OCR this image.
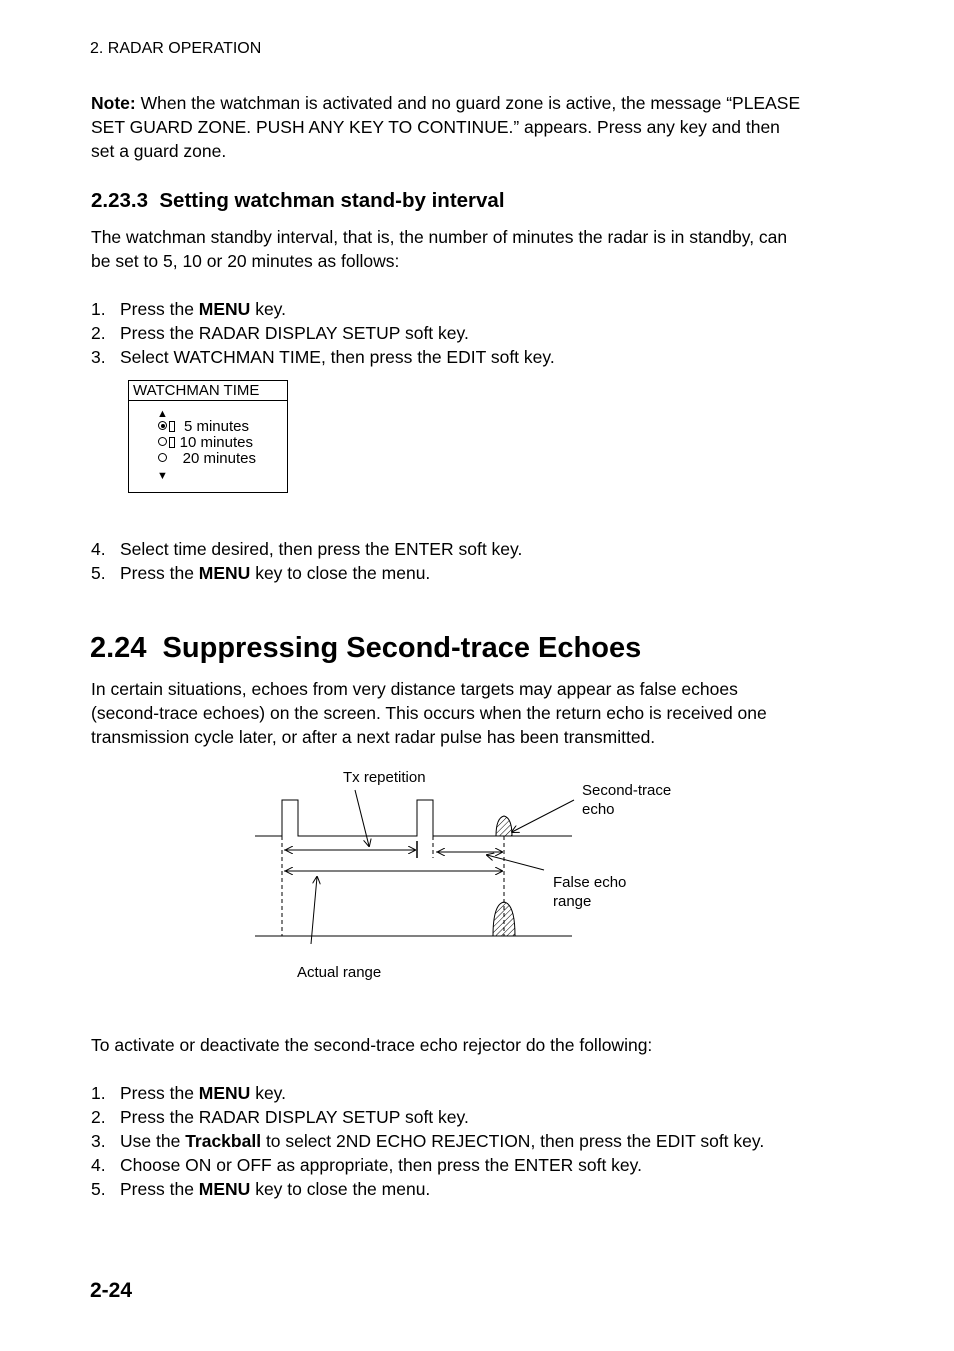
2. RADAR OPERATION
Note: When the watchman is activated and no guard zone is active, the message “PLEASE
SET GUARD ZONE. PUSH ANY KEY TO CONTINUE.” appears. Press any key and then
set a guard zone.
2.23.3  Setting watchman stand-by interval
The watchman standby interval, that is, the number of minutes the radar is in standby, can
be set to 5, 10 or 20 minutes as follows:
1. Press the MENU key.
2. Press the RADAR DISPLAY SETUP soft key.
3. Select WATCHMAN TIME, then press the EDIT soft key.
WATCHMAN TIME
▲
5 minutes
10 minutes
20 minutes
▼
4. Select time desired, then press the ENTER soft key.
5. Press the MENU key to close the menu.
2.24  Suppressing Second-trace Echoes
In certain situations, echoes from very distance targets may appear as false echoes
(second-trace echoes) on the screen. This occurs when the return echo is received one
transmission cycle later, or after a next radar pulse has been transmitted.
Tx repetition
Second-trace
echo
False echo
range
Actual range
To activate or deactivate the second-trace echo rejector do the following:
1. Press the MENU key.
2. Press the RADAR DISPLAY SETUP soft key.
3. Use the Trackball to select 2ND ECHO REJECTION, then press the EDIT soft key.
4. Choose ON or OFF as appropriate, then press the ENTER soft key.
5. Press the MENU key to close the menu.
2-24
